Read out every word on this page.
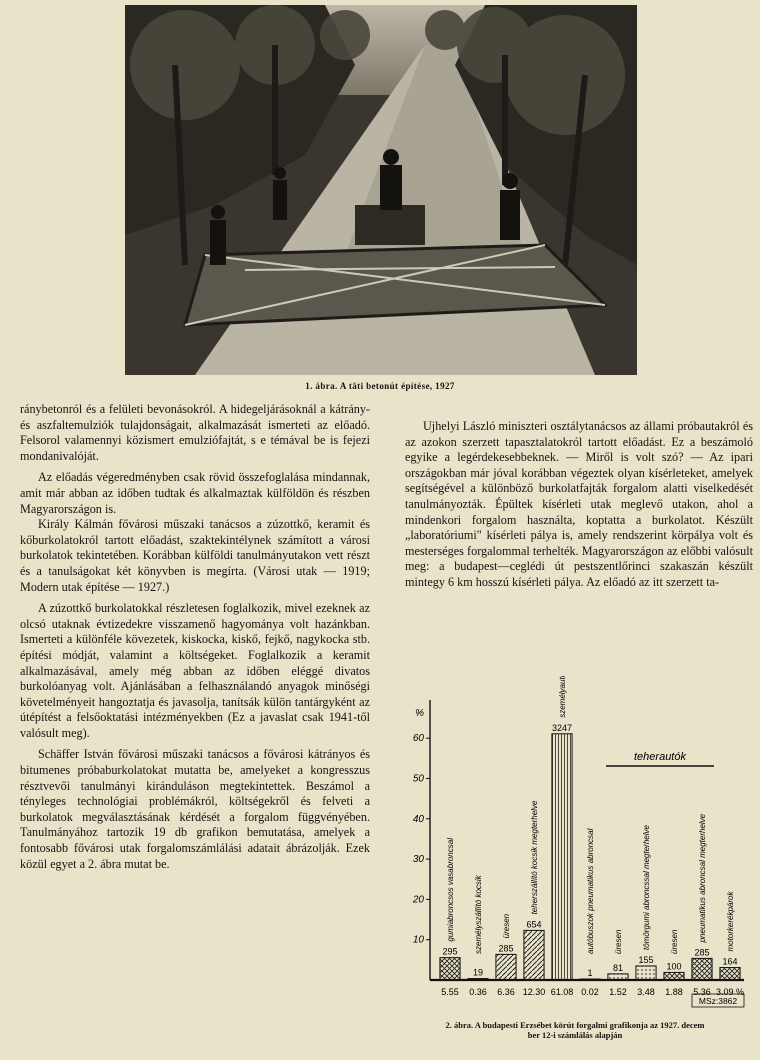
1. ábra. A tâti betonút építése, 1927

ránybetonról és a felületi bevonásokról. A hidegeljárásoknál a kátrány- és aszfaltemulziók tulajdonságait, alkalmazását ismerteti az előadó. Felsorol valamennyi közismert emulziófajtát, s e témával be is fejezi mondanivalóját.

Az előadás végeredményben csak rövid összefoglalása mindannak, amit már abban az időben tudtak és alkalmaztak külföldön és részben Magyarországon is.

Király Kálmán fővárosi műszaki tanácsos a zúzottkő, keramit és kőburkolatokról tartott előadást, szaktekintélynek számított a városi burkolatok tekintetében. Korábban külföldi tanulmányutakon vett részt és a tanulságokat két könyvben is megírta. (Városi utak — 1919; Modern utak építése — 1927.)

A zúzottkő burkolatokkal részletesen foglalkozik, mivel ezeknek az olcsó utaknak évtizedekre visszamenő hagyománya volt hazánkban. Ismerteti a különféle kövezetek, kiskocka, kiskő, fejkő, nagykocka stb. építési módját, valamint a költségeket. Foglalkozik a keramit alkalmazásával, amely még abban az időben eléggé divatos burkolóanyag volt. Ajánlásában a felhasználandó anyagok minőségi követelményeit hangoztatja és javasolja, tanítsák külön tantárgyként az útépítést a felsőoktatási intézményekben (Ez a javaslat csak 1941-től valósult meg).

Schäffer István fővárosi műszaki tanácsos a fővárosi kátrányos és bitumenes próbaburkolatokat mutatta be, amelyeket a kongresszus résztvevői tanulmányi kiránduláson megtekintettek. Beszámol a tényleges technológiai problémákról, költségekről és felveti a burkolatok megválasztásának kérdését a forgalom függvényében. Tanulmányához tartozik 19 db grafikon bemutatása, amelyek a fontosabb fővárosi utak forgalomszámlálási adatait ábrázolják. Ezek közül egyet a 2. ábra mutat be.

Ujhelyi László miniszteri osztálytanácsos az állami próbautakról és az azokon szerzett tapasztalatokról tartott előadást. Ez a beszámoló egyike a legérdekesebbeknek. — Miről is volt szó? — Az ipari országokban már jóval korábban végeztek olyan kísérleteket, amelyek segítségével a különböző burkolatfajták forgalom alatti viselkedését tanulmányozták. Épültek kísérleti utak meglevő utakon, ahol a mindenkori forgalom használta, koptatta a burkolatot. Készült „laboratóriumi" kísérleti pálya is, amely rendszerint körpálya volt és mesterséges forgalommal terhelték. Magyarországon az előbbi valósult meg: a budapest—ceglédi út pestszentlőrinci szakaszán készült mintegy 6 km hosszú kísérleti pálya. Az előadó az itt szerzett ta-

%
10
20
30
40
50
60
295
5.55
gumiabroncsos vasabroncsal
19
0.36
személyszállító kocsik 285
6.36
üresen 654
12.30
teherszállító kocsik megterhelve
3247
61.08
személyautók
1
0.02
autóbuszok pneumatikus abroncsal
81
1.52
üresen
155
3.48
tömörgumi abroncssal megterhelve
100
1.88
üresen 285
5.36
pneumatikus abroncsal megterhelve
164
3.09 %
motorkerékpárok
teherautók
MSz:3862
2. ábra. A budapesti Erzsébet körút forgalmi grafikonja az 1927. decem
ber 12-i számlálás alapján
